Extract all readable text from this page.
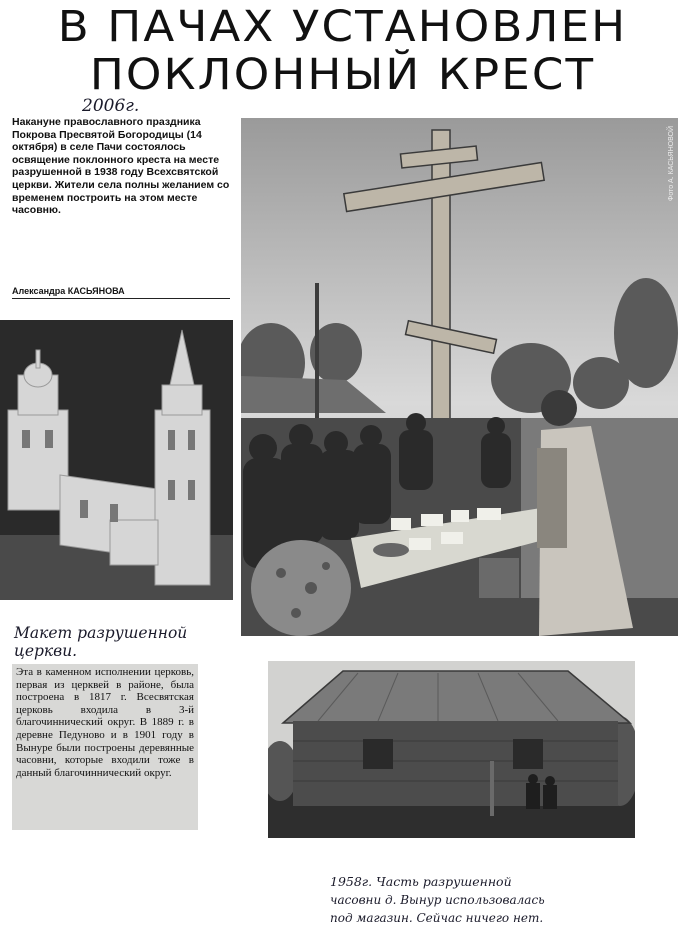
В ПАЧАХ УСТАНОВЛЕН
ПОКЛОННЫЙ КРЕСТ
2006г.
Накануне православного праздника Покрова Пресвятой Богородицы (14 октября) в селе Пачи состоялось освящение поклонного креста на месте разрушенной в 1938 году Всехсвятской церкви. Жители села полны желанием со временем построить на этом месте часовню.
Александра КАСЬЯНОВА
Фото А. КАСЬЯНОВОЙ
Макет разрушенной церкви.
Эта в каменном исполнении церковь, первая из церквей в районе, была построена в 1817 г. Всесвятская церковь входила в 3-й благочиннический округ. В 1889 г. в деревне Педуново и в 1901 году в Вынуре были построены деревянные часовни, которые входили тоже в данный благочиннический округ.
1958г. Часть разрушенной
часовни д. Вынур использовалась
под магазин. Сейчас ничего нет.
